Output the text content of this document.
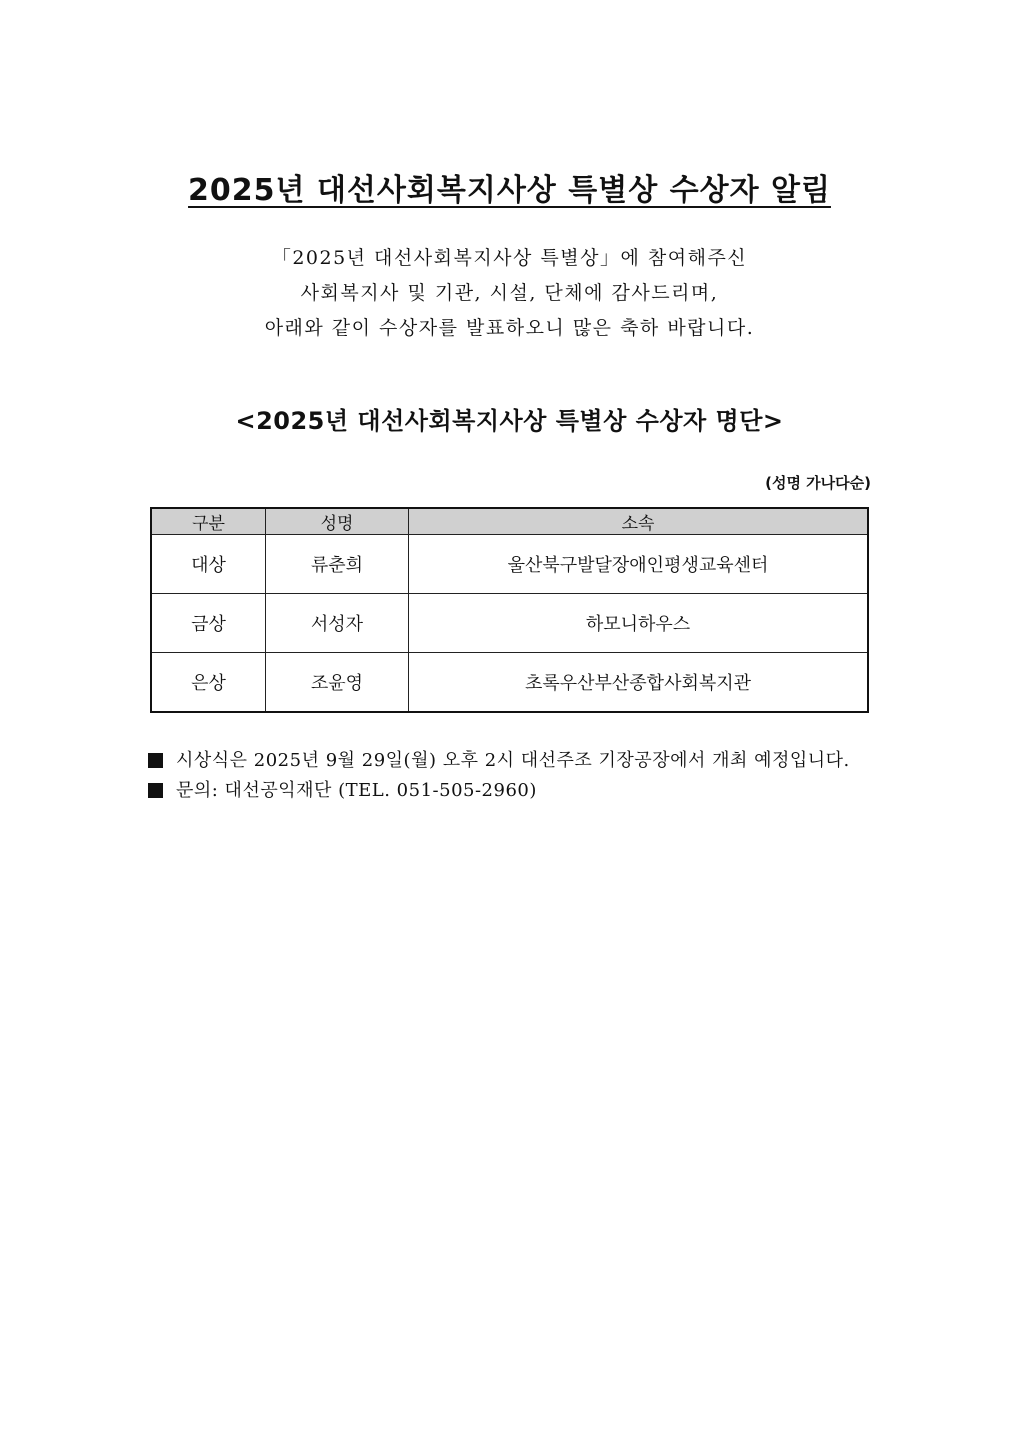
2025년 대선사회복지사상 특별상 수상자 알림
「2025년 대선사회복지사상 특별상」에 참여해주신
사회복지사 및 기관, 시설, 단체에 감사드리며,
아래와 같이 수상자를 발표하오니 많은 축하 바랍니다.
<2025년 대선사회복지사상 특별상 수상자 명단>
(성명 가나다순)
구분	성명	소속
대상	류춘희	울산북구발달장애인평생교육센터
금상	서성자	하모니하우스
은상	조윤영	초록우산부산종합사회복지관
시상식은 2025년 9월 29일(월) 오후 2시 대선주조 기장공장에서 개최 예정입니다.
문의: 대선공익재단 (TEL. 051-505-2960)
